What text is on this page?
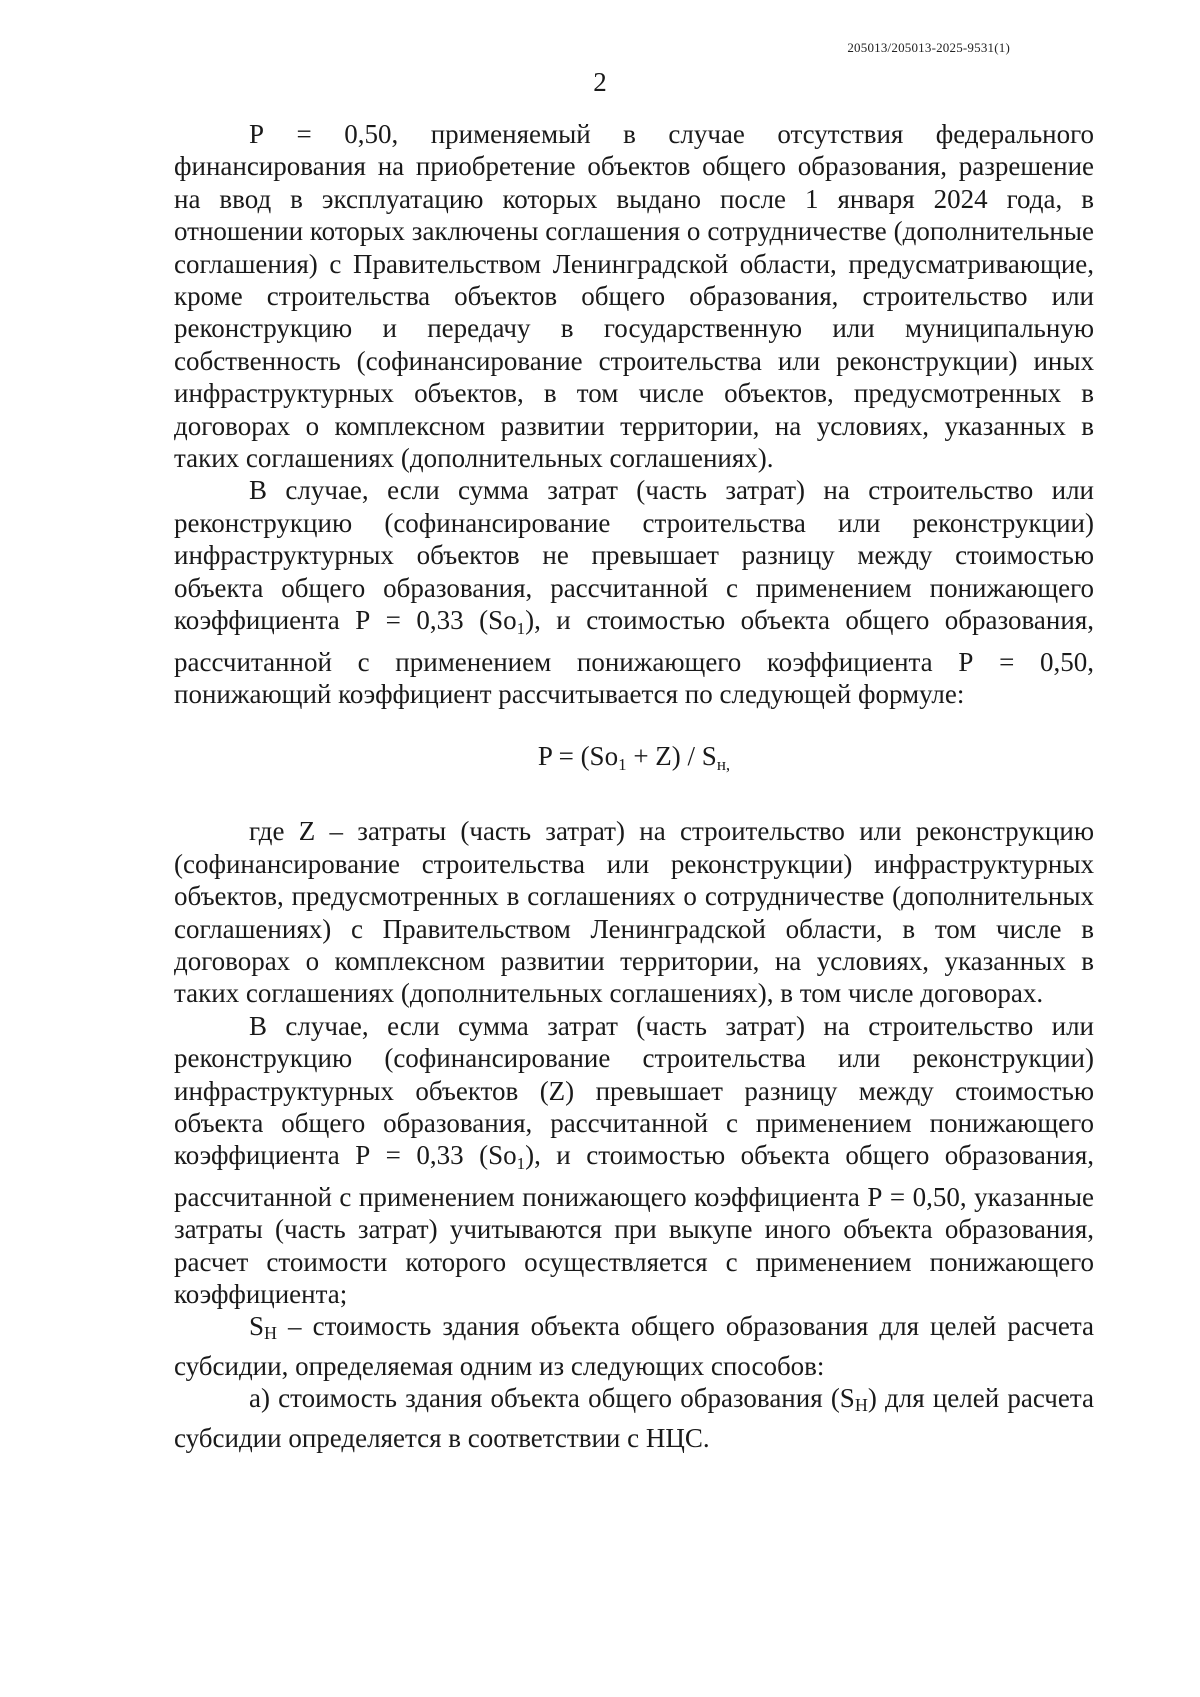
205013/205013-2025-9531(1)
2

Р = 0,50, применяемый в случае отсутствия федерального финансирования на приобретение объектов общего образования, разрешение на ввод в эксплуатацию которых выдано после 1 января 2024 года, в отношении которых заключены соглашения о сотрудничестве (дополнительные соглашения) с Правительством Ленинградской области, предусматривающие, кроме строительства объектов общего образования, строительство или реконструкцию и передачу в государственную или муниципальную собственность (софинансирование строительства или реконструкции) иных инфраструктурных объектов, в том числе объектов, предусмотренных в договорах о комплексном развитии территории, на условиях, указанных в таких соглашениях (дополнительных соглашениях).

В случае, если сумма затрат (часть затрат) на строительство или реконструкцию (софинансирование строительства или реконструкции) инфраструктурных объектов не превышает разницу между стоимостью объекта общего образования, рассчитанной с применением понижающего коэффициента Р = 0,33 $(So_1)$, и стоимостью объекта общего образования, рассчитанной с применением понижающего коэффициента Р = 0,50, понижающий коэффициент рассчитывается по следующей формуле:

$P = (So_1 + Z) / S_{н,}$

где Z – затраты (часть затрат) на строительство или реконструкцию (софинансирование строительства или реконструкции) инфраструктурных объектов, предусмотренных в соглашениях о сотрудничестве (дополнительных соглашениях) с Правительством Ленинградской области, в том числе в договорах о комплексном развитии территории, на условиях, указанных в таких соглашениях (дополнительных соглашениях), в том числе договорах.

В случае, если сумма затрат (часть затрат) на строительство или реконструкцию (софинансирование строительства или реконструкции) инфраструктурных объектов (Z) превышает разницу между стоимостью объекта общего образования, рассчитанной с применением понижающего коэффициента Р = 0,33 $(So_1)$, и стоимостью объекта общего образования, рассчитанной с применением понижающего коэффициента Р = 0,50, указанные затраты (часть затрат) учитываются при выкупе иного объекта образования, расчет стоимости которого осуществляется с применением понижающего коэффициента;

$S_Н$ – стоимость здания объекта общего образования для целей расчета субсидии, определяемая одним из следующих способов:

а) стоимость здания объекта общего образования $(S_Н)$ для целей расчета субсидии определяется в соответствии с НЦС.
